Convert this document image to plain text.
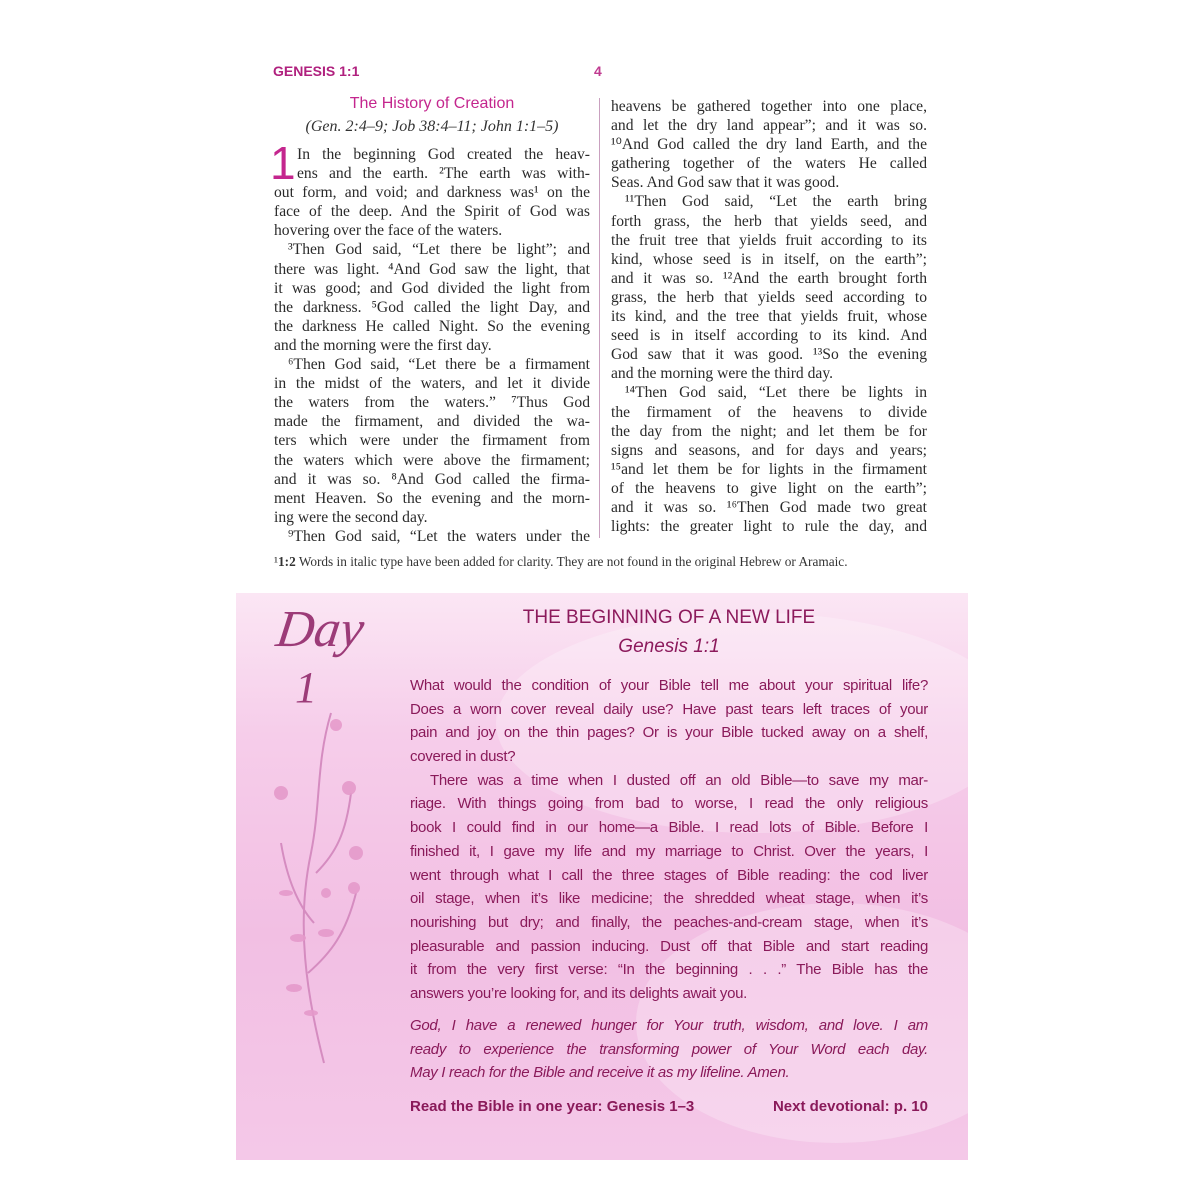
GENESIS 1:1	4
The History of Creation
(Gen. 2:4–9; Job 38:4–11; John 1:1–5)
1 In the beginning God created the heav-
ens and the earth. ²The earth was with-
out form, and void; and darkness was¹ on the
face of the deep. And the Spirit of God was
hovering over the face of the waters.
³Then God said, “Let there be light”; and
there was light. ⁴And God saw the light, that
it was good; and God divided the light from
the darkness. ⁵God called the light Day, and
the darkness He called Night. So the evening
and the morning were the first day.
⁶Then God said, “Let there be a firmament
in the midst of the waters, and let it divide
the waters from the waters.” ⁷Thus God
made the firmament, and divided the wa-
ters which were under the firmament from
the waters which were above the firmament;
and it was so. ⁸And God called the firma-
ment Heaven. So the evening and the morn-
ing were the second day.
⁹Then God said, “Let the waters under the
heavens be gathered together into one place,
and let the dry land appear”; and it was so.
¹⁰And God called the dry land Earth, and the
gathering together of the waters He called
Seas. And God saw that it was good.
¹¹Then God said, “Let the earth bring
forth grass, the herb that yields seed, and
the fruit tree that yields fruit according to its
kind, whose seed is in itself, on the earth”;
and it was so. ¹²And the earth brought forth
grass, the herb that yields seed according to
its kind, and the tree that yields fruit, whose
seed is in itself according to its kind. And
God saw that it was good. ¹³So the evening
and the morning were the third day.
¹⁴Then God said, “Let there be lights in
the firmament of the heavens to divide
the day from the night; and let them be for
signs and seasons, and for days and years;
¹⁵and let them be for lights in the firmament
of the heavens to give light on the earth”;
and it was so. ¹⁶Then God made two great
lights: the greater light to rule the day, and
¹1:2 Words in italic type have been added for clarity. They are not found in the original Hebrew or Aramaic.
Day
1
THE BEGINNING OF A NEW LIFE
Genesis 1:1
What would the condition of your Bible tell me about your spiritual life?
Does a worn cover reveal daily use? Have past tears left traces of your
pain and joy on the thin pages? Or is your Bible tucked away on a shelf,
covered in dust?
There was a time when I dusted off an old Bible—to save my mar-
riage. With things going from bad to worse, I read the only religious
book I could find in our home—a Bible. I read lots of Bible. Before I
finished it, I gave my life and my marriage to Christ. Over the years, I
went through what I call the three stages of Bible reading: the cod liver
oil stage, when it’s like medicine; the shredded wheat stage, when it’s
nourishing but dry; and finally, the peaches-and-cream stage, when it’s
pleasurable and passion inducing. Dust off that Bible and start reading
it from the very first verse: “In the beginning . . .” The Bible has the
answers you’re looking for, and its delights await you.
God, I have a renewed hunger for Your truth, wisdom, and love. I am
ready to experience the transforming power of Your Word each day.
May I reach for the Bible and receive it as my lifeline. Amen.
Read the Bible in one year: Genesis 1–3	Next devotional: p. 10
